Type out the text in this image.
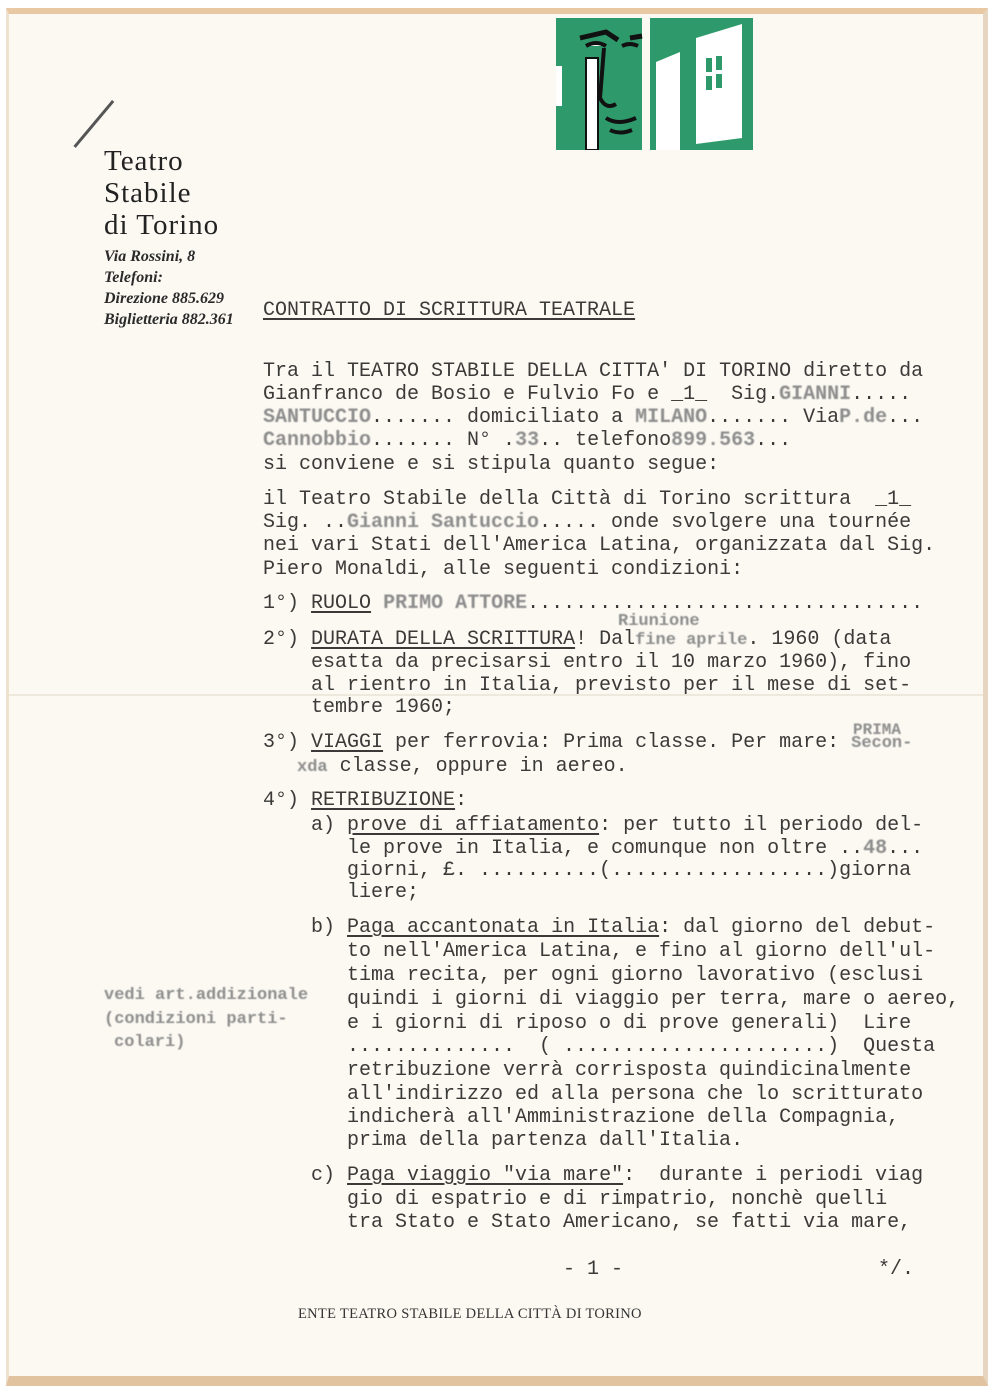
Teatro
Stabile
di Torino
Via Rossini, 8
Telefoni:
Direzione 885.629
Biglietteria 882.361 CONTRATTO DI SCRITTURA TEATRALE
Tra il TEATRO STABILE DELLA CITTA' DI TORINO diretto da
Gianfranco de Bosio e Fulvio Fo e _1_  Sig.GIANNI.....
SANTUCCIO....... domiciliato a MILANO....... ViaP.de...
Cannobbio....... N° .33.. telefono899.563...
si conviene e si stipula quanto segue:
il Teatro Stabile della Città di Torino scrittura  _1_
Sig. ..Gianni Santuccio..... onde svolgere una tournée
nei vari Stati dell'America Latina, organizzata dal Sig.
Piero Monaldi, alle seguenti condizioni:
1°) RUOLO PRIMO ATTORE.................................
Riunione
2°) DURATA DELLA SCRITTURA! Dalfine aprile. 1960 (data
esatta da precisarsi entro il 10 marzo 1960), fino
al rientro in Italia, previsto per il mese di set-
tembre 1960;
PRIMA
3°) VIAGGI per ferrovia: Prima classe. Per mare: Secon-
xda classe, oppure in aereo.
4°) RETRIBUZIONE:
a) prove di affiatamento: per tutto il periodo del-
le prove in Italia, e comunque non oltre ..48...
giorni, £. ..........(..................)giorna
liere;
b) Paga accantonata in Italia: dal giorno del debut-
to nell'America Latina, e fino al giorno dell'ul-
tima recita, per ogni giorno lavorativo (esclusi
quindi i giorni di viaggio per terra, mare o aereo,
e i giorni di riposo o di prove generali)  Lire
..............  ( ......................)  Questa
retribuzione verrà corrisposta quindicinalmente
all'indirizzo ed alla persona che lo scritturato
indicherà all'Amministrazione della Compagnia,
prima della partenza dall'Italia.
vedi art.addizionale
(condizioni parti-
colari)
c) Paga viaggio "via mare":  durante i periodi viag
gio di espatrio e di rimpatrio, nonchè quelli
tra Stato e Stato Americano, se fatti via mare,
- 1 -	*/.
ENTE TEATRO STABILE DELLA CITTÀ DI TORINO
